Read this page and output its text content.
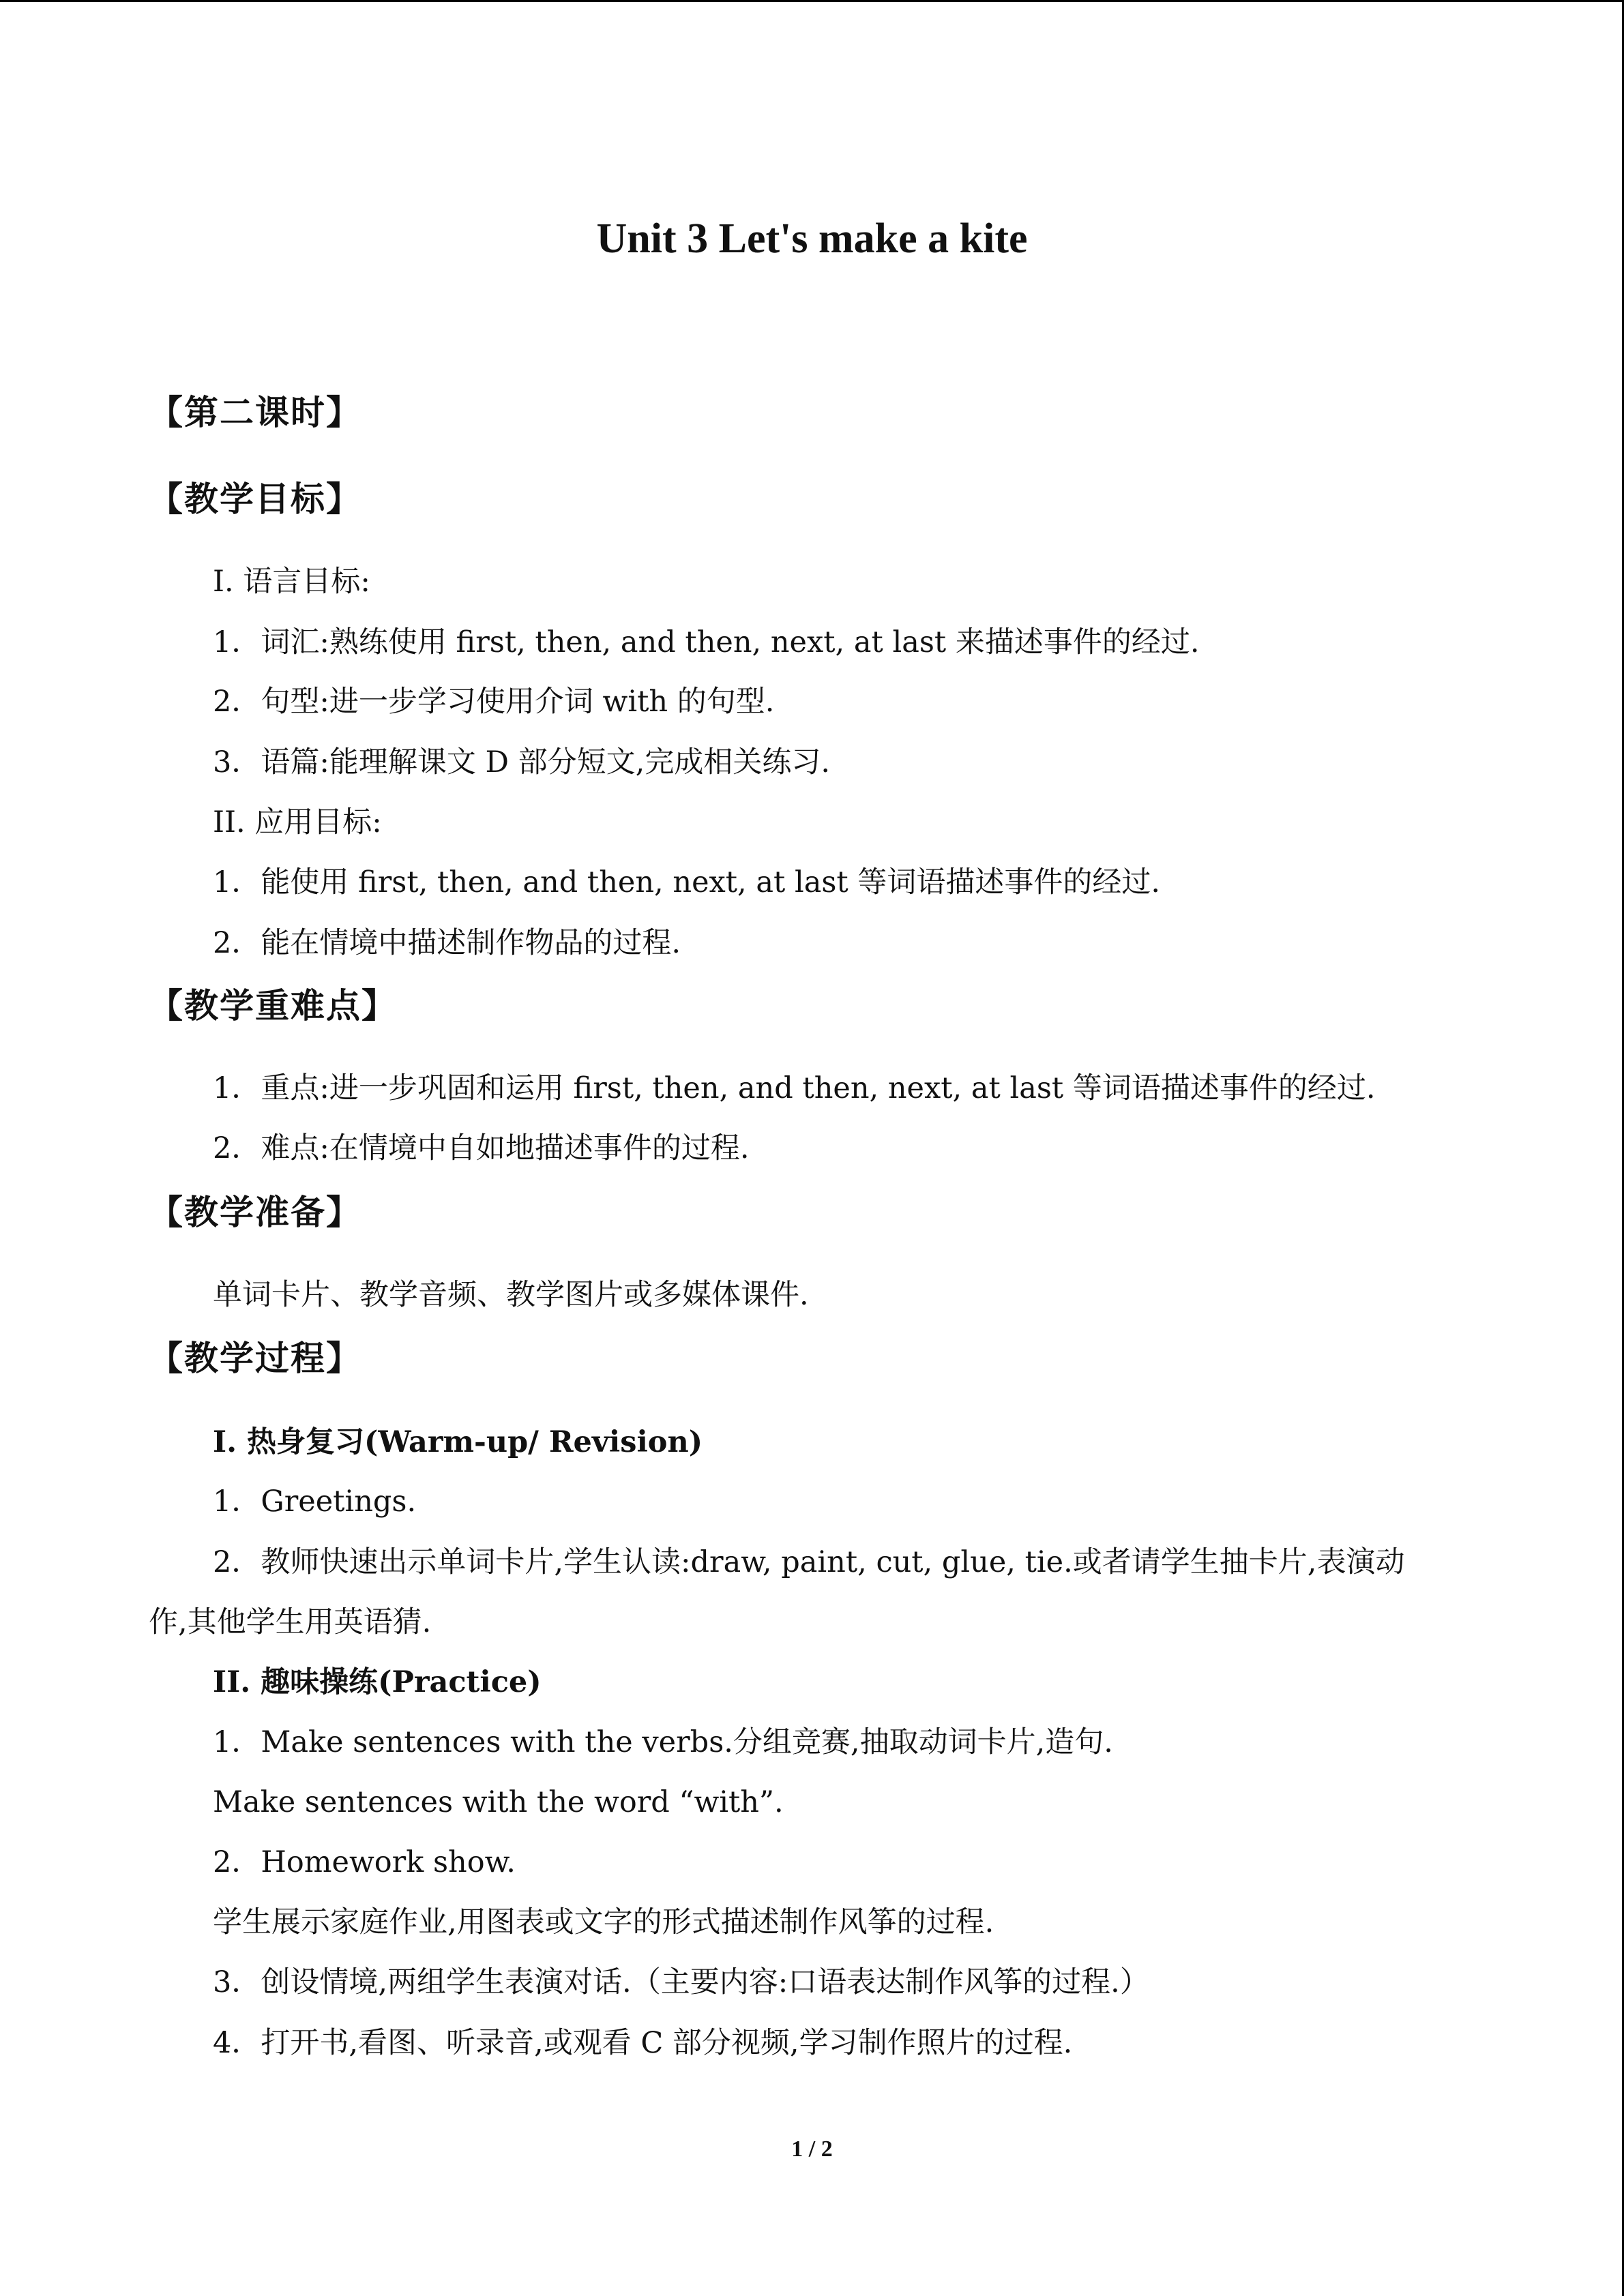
Unit 3 Let's make a kite
【第二课时】
【教学目标】
I. 语言目标:
1．词汇:熟练使用 first, then, and then, next, at last 来描述事件的经过.
2．句型:进一步学习使用介词 with 的句型.
3．语篇:能理解课文 D 部分短文,完成相关练习.
II. 应用目标:
1．能使用 first, then, and then, next, at last 等词语描述事件的经过.
2．能在情境中描述制作物品的过程.
【教学重难点】
1．重点:进一步巩固和运用 first, then, and then, next, at last 等词语描述事件的经过.
2．难点:在情境中自如地描述事件的过程.
【教学准备】
单词卡片、教学音频、教学图片或多媒体课件.
【教学过程】
I. 热身复习(Warm-up/ Revision)
1．Greetings.
2．教师快速出示单词卡片,学生认读:draw, paint, cut, glue, tie.或者请学生抽卡片,表演动
作,其他学生用英语猜.
II. 趣味操练(Practice)
1．Make sentences with the verbs.分组竞赛,抽取动词卡片,造句.
Make sentences with the word “with”.
2．Homework show.
学生展示家庭作业,用图表或文字的形式描述制作风筝的过程.
3．创设情境,两组学生表演对话.（主要内容:口语表达制作风筝的过程.）
4．打开书,看图、听录音,或观看 C 部分视频,学习制作照片的过程.
1 / 2
